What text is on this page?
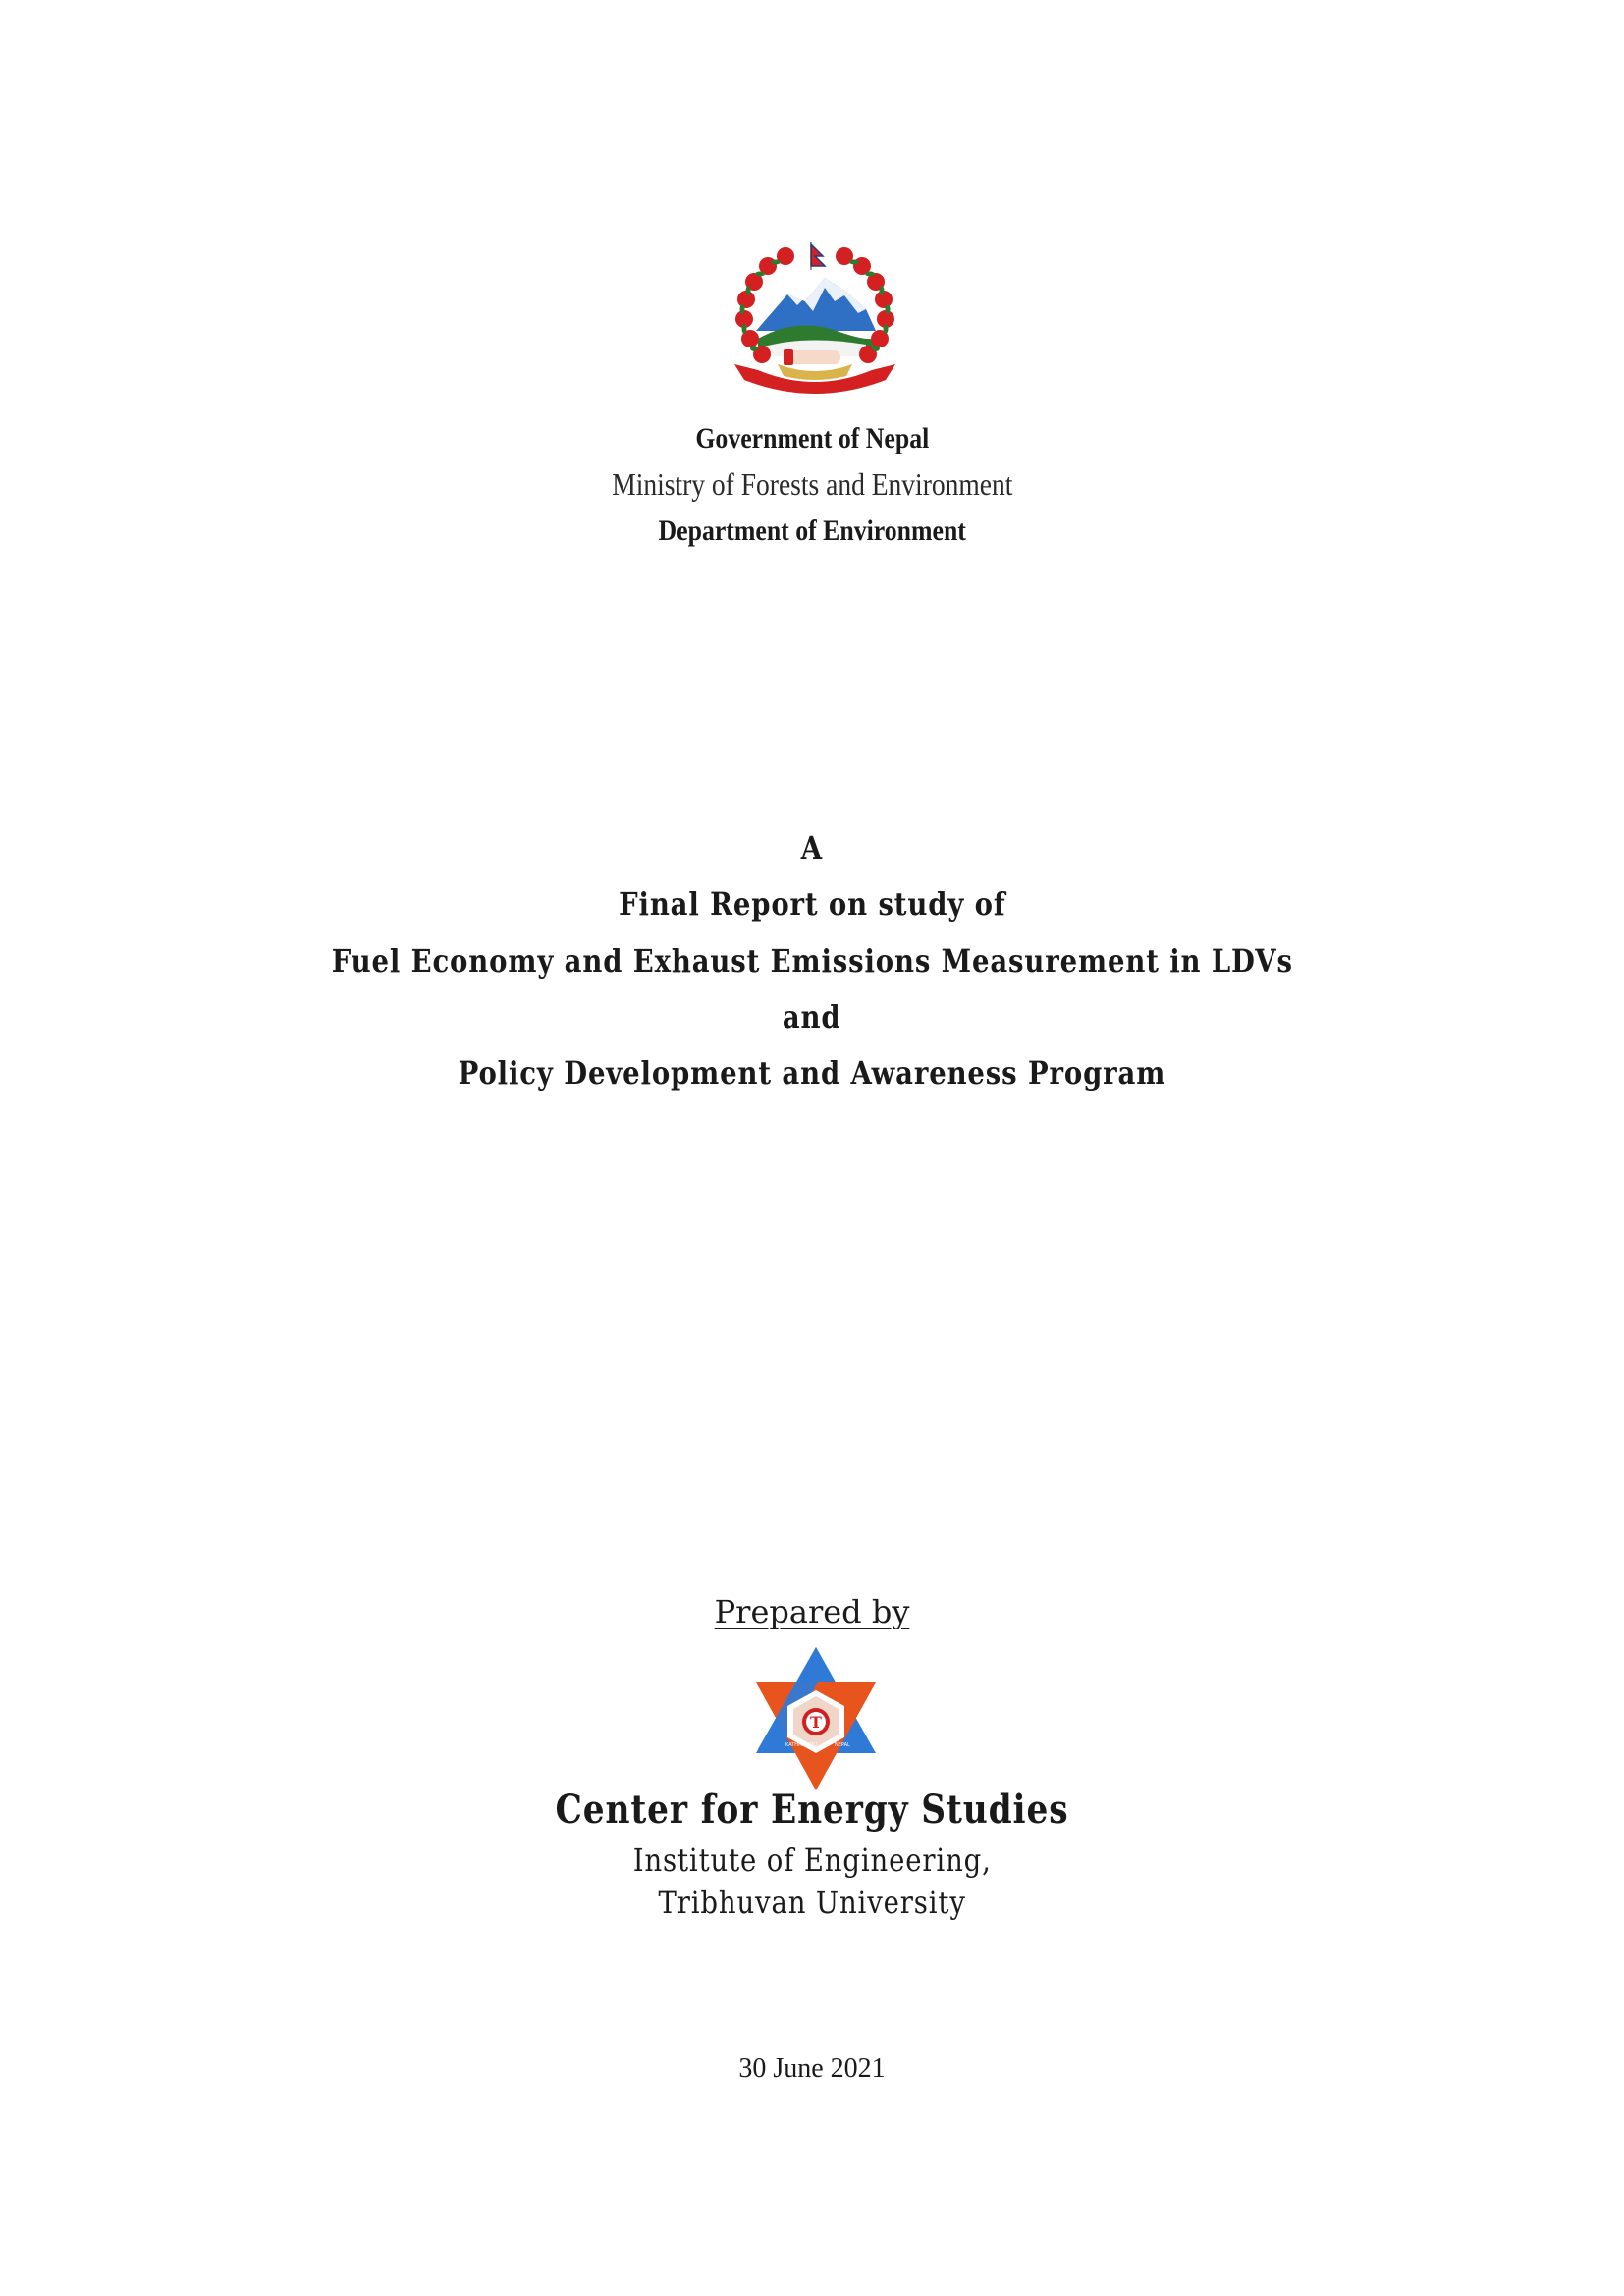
Government of Nepal
Ministry of Forests and Environment
Department of Environment
A
Final Report on study of
Fuel Economy and Exhaust Emissions Measurement in LDVs
and
Policy Development and Awareness Program
Prepared by
T
KATHMANDU	NEPAL
Center for Energy Studies
Institute of Engineering,
Tribhuvan University
30 June 2021
